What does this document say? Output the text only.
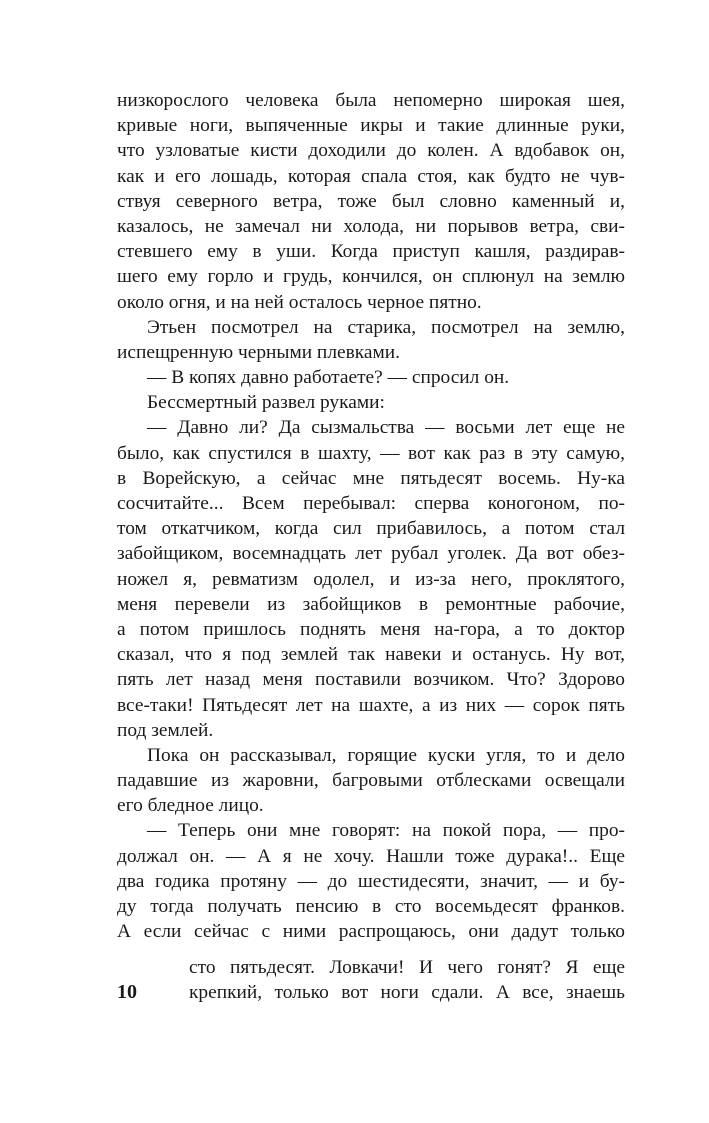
низкорослого человека была непомерно широкая шея,
кривые ноги, выпяченные икры и такие длинные руки,
что узловатые кисти доходили до колен. А вдобавок он,
как и его лошадь, которая спала стоя, как будто не чув-
ствуя северного ветра, тоже был словно каменный и,
казалось, не замечал ни холода, ни порывов ветра, сви-
стевшего ему в уши. Когда приступ кашля, раздирав-
шего ему горло и грудь, кончился, он сплюнул на землю
около огня, и на ней осталось черное пятно.
Этьен посмотрел на старика, посмотрел на землю,
испещренную черными плевками.
— В копях давно работаете? — спросил он.
Бессмертный развел руками:
— Давно ли? Да сызмальства — восьми лет еще не
было, как спустился в шахту, — вот как раз в эту самую,
в Ворейскую, а сейчас мне пятьдесят восемь. Ну-ка
сосчитайте... Всем перебывал: сперва коногоном, по-
том откатчиком, когда сил прибавилось, а потом стал
забойщиком, восемнадцать лет рубал уголек. Да вот обез-
ножел я, ревматизм одолел, и из-за него, проклятого,
меня перевели из забойщиков в ремонтные рабочие,
а потом пришлось поднять меня на-гора, а то доктор
сказал, что я под землей так навеки и останусь. Ну вот,
пять лет назад меня поставили возчиком. Что? Здорово
все-таки! Пятьдесят лет на шахте, а из них — сорок пять
под землей.
Пока он рассказывал, горящие куски угля, то и дело
падавшие из жаровни, багровыми отблесками освещали
его бледное лицо.
— Теперь они мне говорят: на покой пора, — про-
должал он. — А я не хочу. Нашли тоже дурака!.. Еще
два годика протяну — до шестидесяти, значит, — и бу-
ду тогда получать пенсию в сто восемьдесят франков.
А если сейчас с ними распрощаюсь, они дадут только
сто пятьдесят. Ловкачи! И чего гонят? Я еще
крепкий, только вот ноги сдали. А все, знаешь
10
